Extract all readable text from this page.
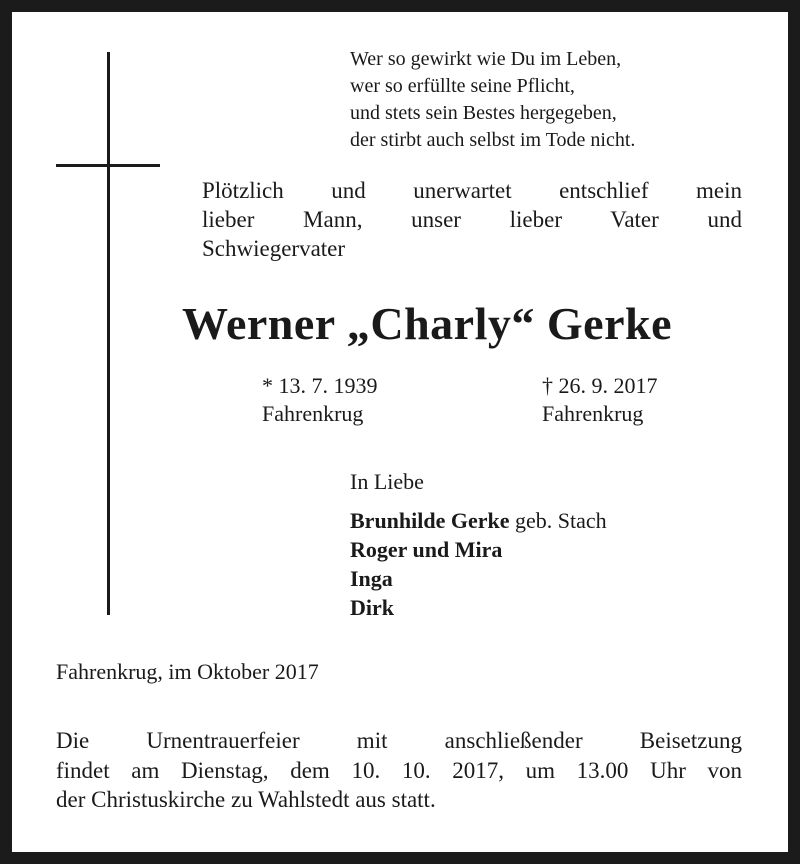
Wer so gewirkt wie Du im Leben,
wer so erfüllte seine Pflicht,
und stets sein Bestes hergegeben,
der stirbt auch selbst im Tode nicht.
Plötzlich und unerwartet entschlief mein
lieber Mann, unser lieber Vater und
Schwiegervater
Werner „Charly“ Gerke
* 13. 7. 1939
Fahrenkrug
† 26. 9. 2017
Fahrenkrug
In Liebe
Brunhilde Gerke geb. Stach
Roger und Mira
Inga
Dirk
Fahrenkrug, im Oktober 2017
Die Urnentrauerfeier mit anschließender Beisetzung
findet am Dienstag, dem 10. 10. 2017, um 13.00 Uhr von
der Christuskirche zu Wahlstedt aus statt.
